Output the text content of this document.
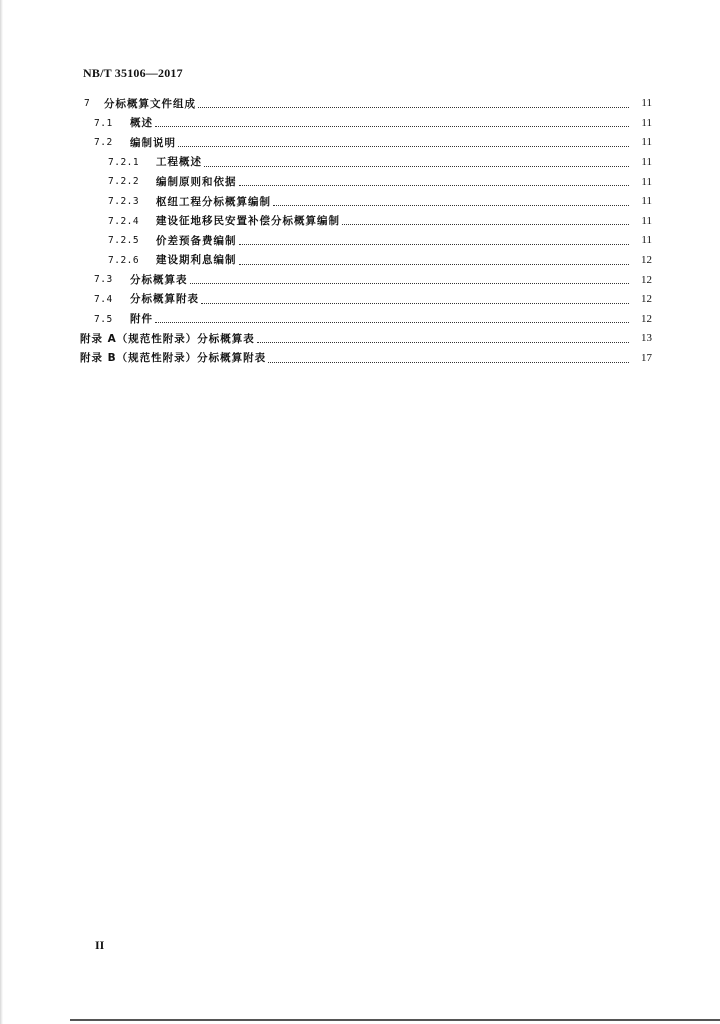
NB/T 35106—2017
7	分标概算文件组成	11
7.1	概述	11
7.2	编制说明	11
7.2.1	工程概述	11
7.2.2	编制原则和依据	11
7.2.3	枢纽工程分标概算编制	11
7.2.4	建设征地移民安置补偿分标概算编制	11
7.2.5	价差预备费编制	11
7.2.6	建设期利息编制	12
7.3	分标概算表	12
7.4	分标概算附表	12
7.5	附件	12
附录 A（规范性附录）分标概算表	13
附录 B（规范性附录）分标概算附表	17
II
